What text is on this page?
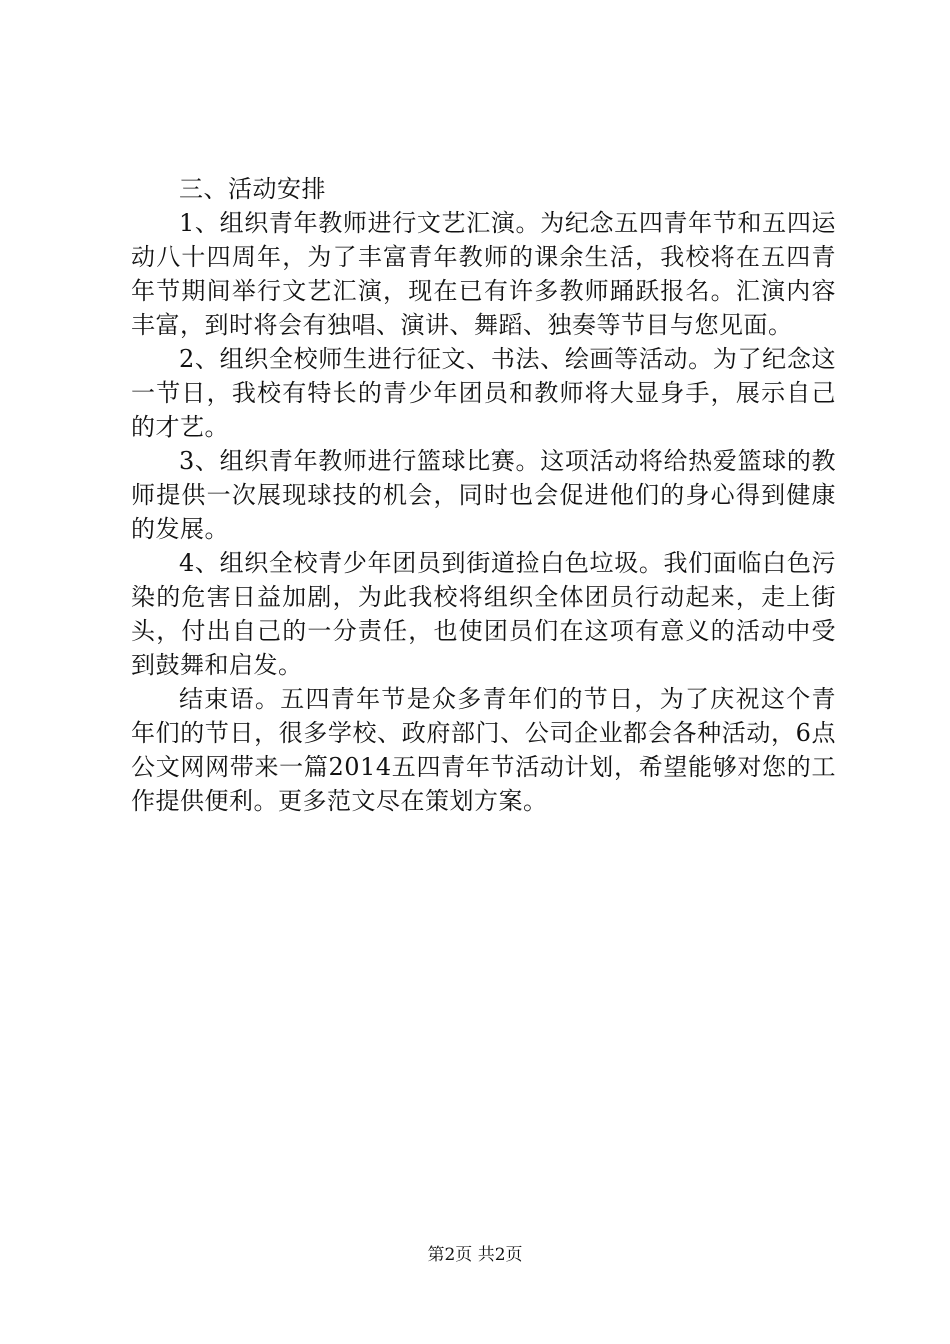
三、活动安排

1、组织青年教师进行文艺汇演。为纪念五四青年节和五四运动八十四周年，为了丰富青年教师的课余生活，我校将在五四青年节期间举行文艺汇演，现在已有许多教师踊跃报名。汇演内容丰富，到时将会有独唱、演讲、舞蹈、独奏等节目与您见面。

2、组织全校师生进行征文、书法、绘画等活动。为了纪念这一节日，我校有特长的青少年团员和教师将大显身手，展示自己的才艺。

3、组织青年教师进行篮球比赛。这项活动将给热爱篮球的教师提供一次展现球技的机会，同时也会促进他们的身心得到健康的发展。

4、组织全校青少年团员到街道捡白色垃圾。我们面临白色污染的危害日益加剧，为此我校将组织全体团员行动起来，走上街头，付出自己的一分责任，也使团员们在这项有意义的活动中受到鼓舞和启发。

结束语。五四青年节是众多青年们的节日，为了庆祝这个青年们的节日，很多学校、政府部门、公司企业都会各种活动，6点公文网网带来一篇2014五四青年节活动计划，希望能够对您的工作提供便利。更多范文尽在策划方案。

第2页 共2页
